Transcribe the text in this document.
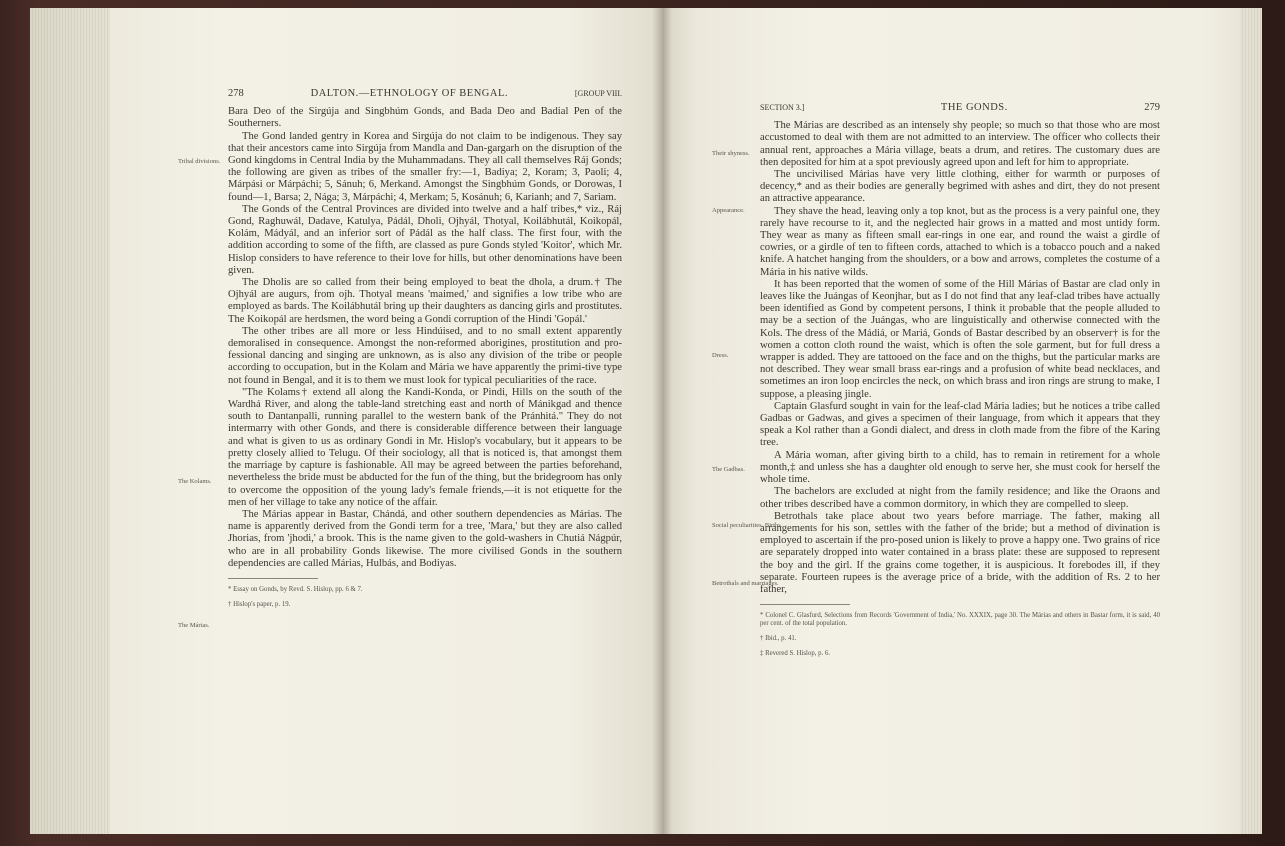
278	DALTON.—ETHNOLOGY OF BENGAL.	[GROUP VIII.

Bara Deo of the Sirgúja and Singbhúm Gonds, and Bada Deo and Badial Pen of the Southerners.

The Gond landed gentry in Korea and Sirgúja do not claim to be indigenous. They say that their ancestors came into Sirgúja from Mandla and Dan-gargarh on the disruption of the Gond kingdoms in Central India by the Muhammadans. They all call themselves Ráj Gonds; the following are given as tribes of the smaller fry:—1, Badiya; 2, Koram; 3, Paoli; 4, Márpási or Márpáchi; 5, Sánuh; 6, Merkand. Amongst the Singbhúm Gonds, or Dorowas, I found—1, Barsa; 2, Nága; 3, Márpáchi; 4, Merkam; 5, Kosánuh; 6, Karianh; and 7, Sariam.

The Gonds of the Central Provinces are divided into twelve and a half tribes,* viz., Ráj Gond, Raghuwál, Dadave, Katulya, Pádál, Dholi, Ojhyál, Thotyal, Koilábhutál, Koikopál, Kolám, Mádyál, and an inferior sort of Pádál as the half class. The first four, with the addition according to some of the fifth, are classed as pure Gonds styled 'Koitor', which Mr. Hislop considers to have reference to their love for hills, but other denominations have been given.

The Dholis are so called from their being employed to beat the dhola, a drum.† The Ojhyál are augurs, from ojh. Thotyal means 'maimed,' and signifies a low tribe who are employed as bards. The Koilábhutál bring up their daughters as dancing girls and prostitutes. The Koikopál are herdsmen, the word being a Gondi corruption of the Hindi 'Gopál.'

The other tribes are all more or less Hindúised, and to no small extent apparently demoralised in consequence. Amongst the non-reformed aborigines, prostitution and pro-fessional dancing and singing are unknown, as is also any division of the tribe or people according to occupation, but in the Kolam and Mária we have apparently the primi-tive type not found in Bengal, and it is to them we must look for typical peculiarities of the race.

"The Kolams† extend all along the Kandi-Konda, or Pindi, Hills on the south of the Wardhá River, and along the table-land stretching east and north of Mánikgad and thence south to Dantanpalli, running parallel to the western bank of the Pránhitá." They do not intermarry with other Gonds, and there is considerable difference between their language and what is given to us as ordinary Gondi in Mr. Hislop's vocabulary, but it appears to be pretty closely allied to Telugu. Of their sociology, all that is noticed is, that amongst them the marriage by capture is fashionable. All may be agreed between the parties beforehand, nevertheless the bride must be abducted for the fun of the thing, but the bridegroom has only to overcome the opposition of the young lady's female friends,—it is not etiquette for the men of her village to take any notice of the affair.

The Márias appear in Bastar, Chándá, and other southern dependencies as Márias. The name is apparently derived from the Gondi term for a tree, 'Mara,' but they are also called Jhorias, from 'jhodi,' a brook. This is the name given to the gold-washers in Chutiá Nágpúr, who are in all probability Gonds likewise. The more civilised Gonds in the southern dependencies are called Márias, Hulbás, and Bodiyas.

* Essay on Gonds, by Revd. S. Hislop, pp. 6 & 7.

† Hislop's paper, p. 19.

Tribal divisions.
The Kolams.
The Márias.
SECTION 3.]	THE GONDS.	279

The Márias are described as an intensely shy people; so much so that those who are most accustomed to deal with them are not admitted to an interview. The officer who collects their annual rent, approaches a Mária village, beats a drum, and retires. The customary dues are then deposited for him at a spot previously agreed upon and left for him to appropriate.

The uncivilised Márias have very little clothing, either for warmth or purposes of decency,* and as their bodies are generally begrimed with ashes and dirt, they do not present an attractive appearance.

They shave the head, leaving only a top knot, but as the process is a very painful one, they rarely have recourse to it, and the neglected hair grows in a matted and most untidy form. They wear as many as fifteen small ear-rings in one ear, and round the waist a girdle of cowries, or a girdle of ten to fifteen cords, attached to which is a tobacco pouch and a naked knife. A hatchet hanging from the shoulders, or a bow and arrows, completes the costume of a Mária in his native wilds.

It has been reported that the women of some of the Hill Márias of Bastar are clad only in leaves like the Juángas of Keonjhar, but as I do not find that any leaf-clad tribes have actually been identified as Gond by competent persons, I think it probable that the people alluded to may be a section of the Juángas, who are linguistically and otherwise connected with the Kols. The dress of the Mádiá, or Mariá, Gonds of Bastar described by an observer† is for the women a cotton cloth round the waist, which is often the sole garment, but for full dress a wrapper is added. They are tattooed on the face and on the thighs, but the particular marks are not described. They wear small brass ear-rings and a profusion of white bead necklaces, and sometimes an iron loop encircles the neck, on which brass and iron rings are strung to make, I suppose, a pleasing jingle.

Captain Glasfurd sought in vain for the leaf-clad Mária ladies; but he notices a tribe called Gadbas or Gadwas, and gives a specimen of their language, from which it appears that they speak a Kol rather than a Gondi dialect, and dress in cloth made from the fibre of the Karing tree.

A Mária woman, after giving birth to a child, has to remain in retirement for a whole month,‡ and unless she has a daughter old enough to serve her, she must cook for herself the whole time.

The bachelors are excluded at night from the family residence; and like the Oraons and other tribes described have a common dormitory, in which they are compelled to sleep.

Betrothals take place about two years before marriage. The father, making all arrangements for his son, settles with the father of the bride; but a method of divination is employed to ascertain if the pro-posed union is likely to prove a happy one. Two grains of rice are separately dropped into water contained in a brass plate: these are supposed to represent the boy and the girl. If the grains come together, it is auspicious. It forebodes ill, if they separate. Fourteen rupees is the average price of a bride, with the addition of Rs. 2 to her father,

* Colonel C. Glasfurd, Selections from Records 'Government of India,' No. XXXIX, page 30. The Márias and others in Bastar form, it is said, 40 per cent. of the total population.

† Ibid., p. 41.

‡ Revered S. Hislop, p. 6.

Their shyness.
Appearance.
Dress.
The Gadbas.
Social peculiarities. Births.
Betrothals and marriages.
